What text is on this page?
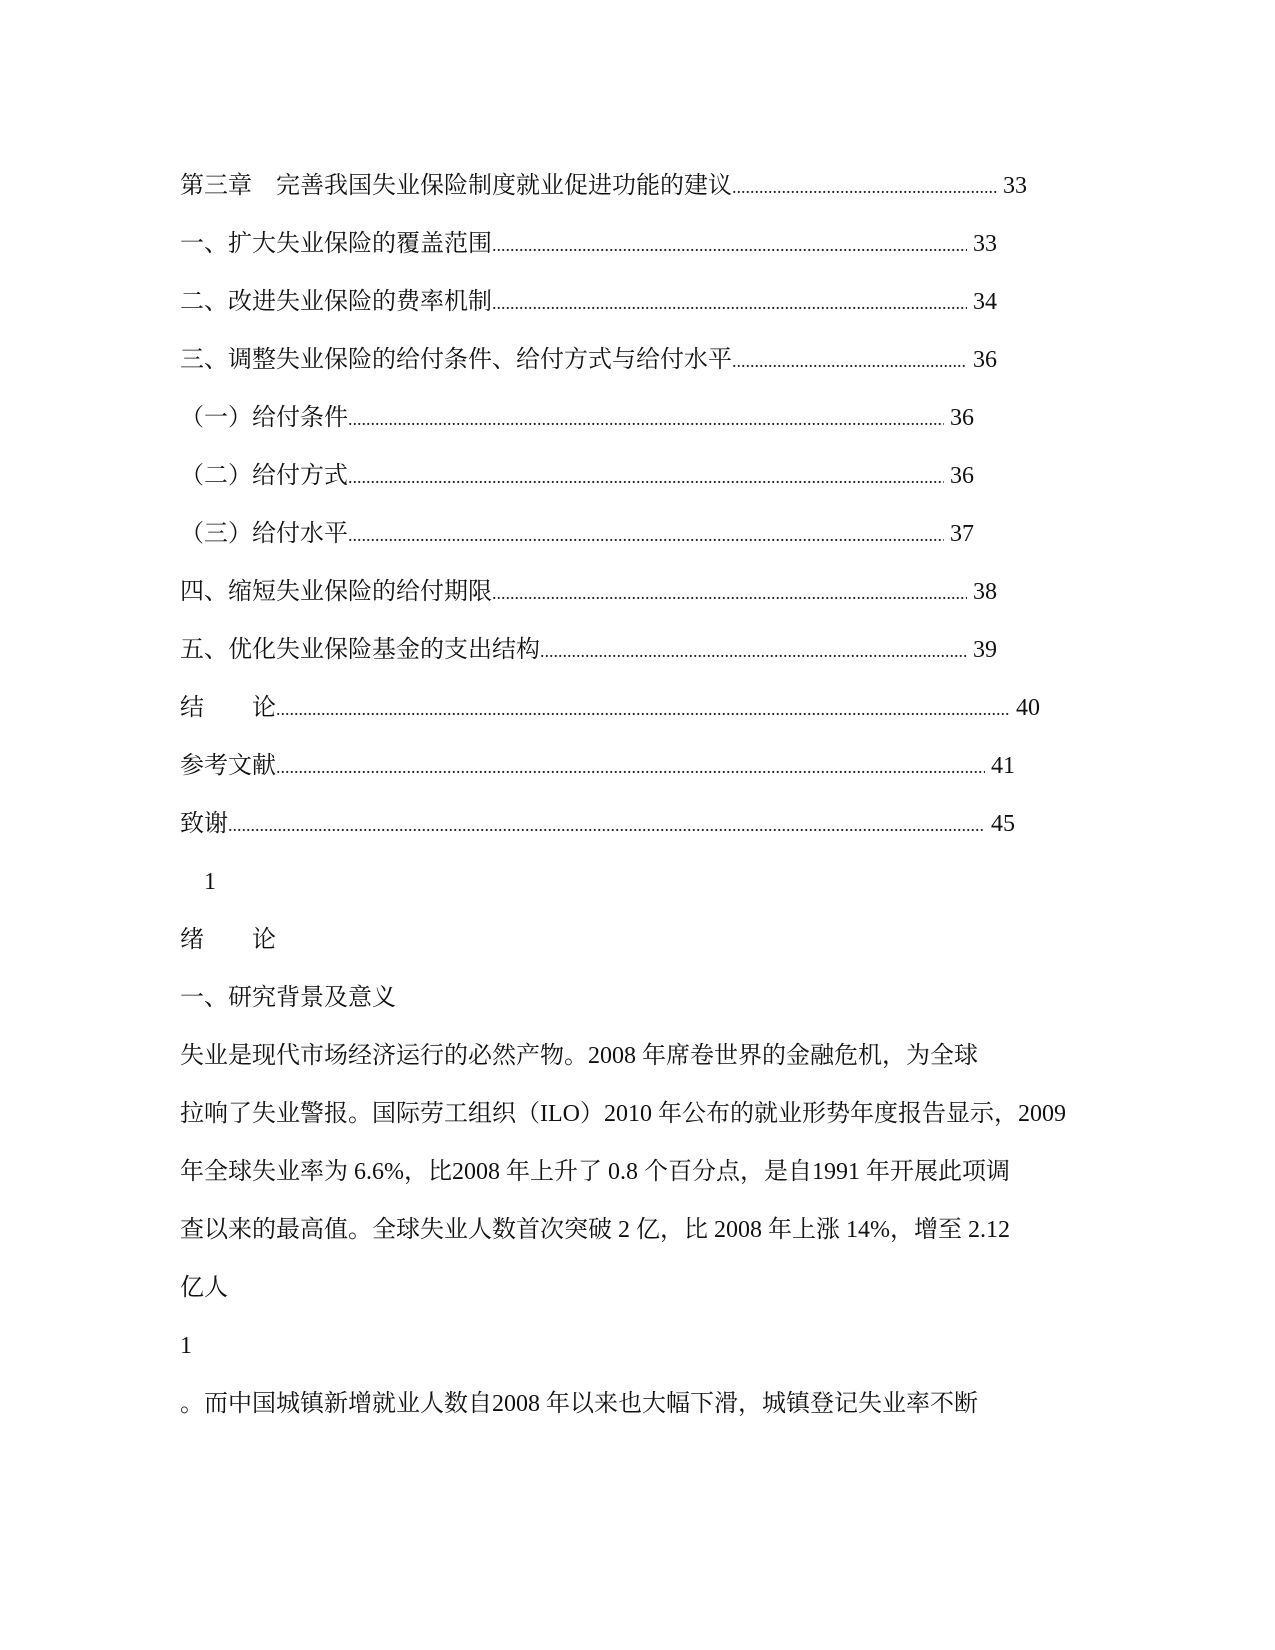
第三章　完善我国失业保险制度就业促进功能的建议 .....	33
一、扩大失业保险的覆盖范围 .....	33
二、改进失业保险的费率机制 .....	34
三、调整失业保险的给付条件、给付方式与给付水平 .....	36
（一）给付条件 .....	36
（二）给付方式 .....	36
（三）给付水平 .....	37
四、缩短失业保险的给付期限 .....	38
五、优化失业保险基金的支出结构 .....	39
结　　论 .....	40
参考文献 .....	41
致谢 .....	45
1
绪　　论
一、研究背景及意义
失业是现代市场经济运行的必然产物。2008 年席卷世界的金融危机，为全球
拉响了失业警报。国际劳工组织（ILO）2010 年公布的就业形势年度报告显示，2009
年全球失业率为 6.6%，比2008 年上升了 0.8 个百分点，是自1991 年开展此项调
查以来的最高值。全球失业人数首次突破 2 亿，比 2008 年上涨 14%，增至 2.12
亿人
1
。而中国城镇新增就业人数自2008 年以来也大幅下滑，城镇登记失业率不断
